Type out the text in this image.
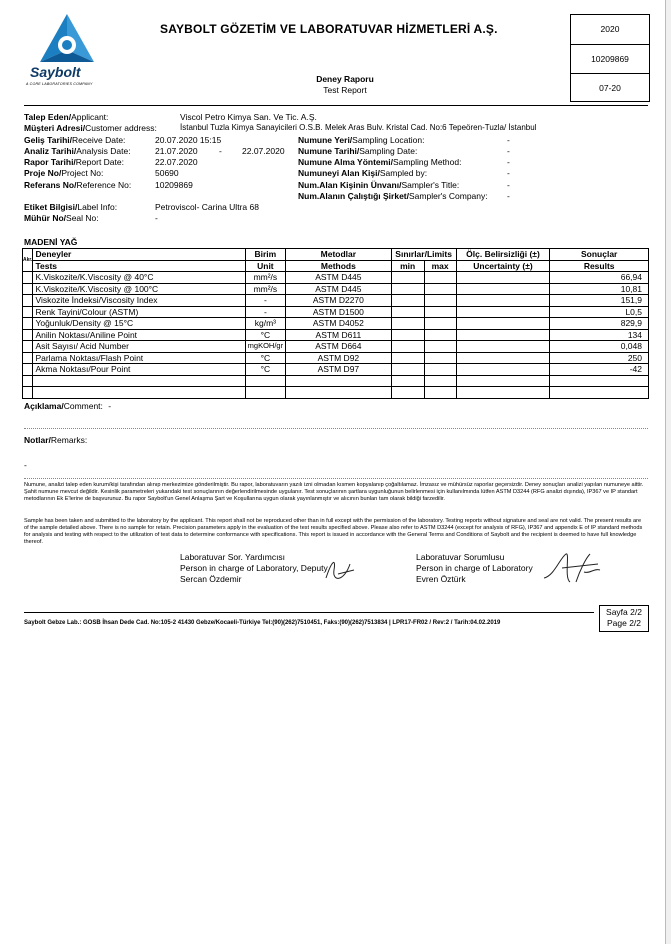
Saybolt
A CORE LABORATORIES COMPANY
SAYBOLT GÖZETİM VE LABORATUVAR HİZMETLERİ A.Ş.	2020
10209869
07-20
Deney Raporu
Test Report
Talep Eden/Applicant:	Viscol Petro Kimya San. Ve Tic. A.Ş.
Müşteri Adresi/Customer address:	İstanbul Tuzla Kimya Sanayicileri O.S.B. Melek Aras Bulv. Kristal Cad. No:6 Tepeören-Tuzla/ İstanbul
Geliş Tarihi/Receive Date:	20.07.2020 15:15
Analiz Tarihi/Analysis Date:	21.07.2020	- 22.07.2020
Rapor Tarihi/Report Date:	22.07.2020
Proje No/Project No:	50690
Referans No/Reference No:	10209869
Numune Yeri/Sampling Location:	-
Numune Tarihi/Sampling Date:	-
Numune Alma Yöntemi/Sampling Method:	-
Numuneyi Alan Kişi/Sampled by:	-
Num.Alan Kişinin Ünvanı/Sampler's Title:	-
Num.Alanın Çalıştığı Şirket/Sampler's Company: -
Etiket Bilgisi/Label Info:	Petroviscol- Carina Ultra 68
Mühür No/Seal No:	-
MADENİ YAĞ
Akr.	Deneyler	Birim	Metodlar	Sınırlar/Limits		Ölç. Belirsizliği (±)	Sonuçlar
	Tests	Unit	Methods	min	max	Uncertainty (±)	Results
	K.Viskozite/K.Viscosity @ 40°C	mm²/s	ASTM D445				66,94
	K.Viskozite/K.Viscosity @ 100°C	mm²/s	ASTM D445				10,81
	Viskozite İndeksi/Viscosity Index	-	ASTM D2270				151,9
	Renk Tayini/Colour (ASTM)	-	ASTM D1500				L0,5
	Yoğunluk/Density @ 15°C	kg/m³	ASTM D4052				829,9
	Anilin Noktası/Aniline Point	°C	ASTM D611				134
	Asit Sayısı/ Acid Number	mgKOH/gr	ASTM D664				0,048
	Parlama Noktası/Flash Point	°C	ASTM D92				250
	Akma Noktası/Pour Point	°C	ASTM D97				-42

Açıklama/Comment: -
Notlar/Remarks:
-
Numune, analizi talep eden kurum/kişi tarafından alınıp merkezimize gönderilmiştir. Bu rapor, laboratuvarın yazılı izni olmadan kısmen kopyalanıp çoğaltılamaz. İmzasız ve mühürsüz raporlar geçersizdir. Deney sonuçları analizi yapılan numuneye aittir. Şahit numune mevcut değildir. Kesinlik parametreleri yukarıdaki test sonuçlarının değerlendirilmesinde uygulanır. Test sonuçlarının şartlara uygunluğunun belirlenmesi için kullanılmında lütfen ASTM D3244 (RFG analizi dışında), IP367 ve IP standart metodlarının Ek E'lerine de başvurunuz. Bu rapor Saybolt'un Genel Anlaşma Şart ve Koşullarına uygun olarak yayınlanmıştır ve alıcının bunları tam olarak bildiği farzedilir.
Sample has been taken and submitted to the laboratory by the applicant. This report shall not be reproduced other than in full except with the permission of the laboratory. Testing reports without signature and seal are not valid. The present results are of the sample detailed above. There is no sample for retain. Precision parameters apply in the evaluation of the test results specified above. Please also refer to ASTM D3244 (except for analysis of RFG), IP367 and appendix E of IP standard methods for analysis and testing with respect to the utilization of test data to determine conformance with specifications. This report is issued in accordance with the General Terms and Conditions of Saybolt and the recipient is deemed to have full knowledge thereof.
Laboratuvar Sor. Yardımcısı
Person in charge of Laboratory, Deputy
Sercan Özdemir
Laboratuvar Sorumlusu
Person in charge of Laboratory
Evren Öztürk
Saybolt Gebze Lab.: GOSB İhsan Dede Cad. No:105-2 41430 Gebze/Kocaeli-Türkiye Tel:(90)(262)7510451, Faks:(90)(262)7513834 | LPR17-FR02 / Rev:2 / Tarih:04.02.2019
Sayfa 2/2
Page 2/2
